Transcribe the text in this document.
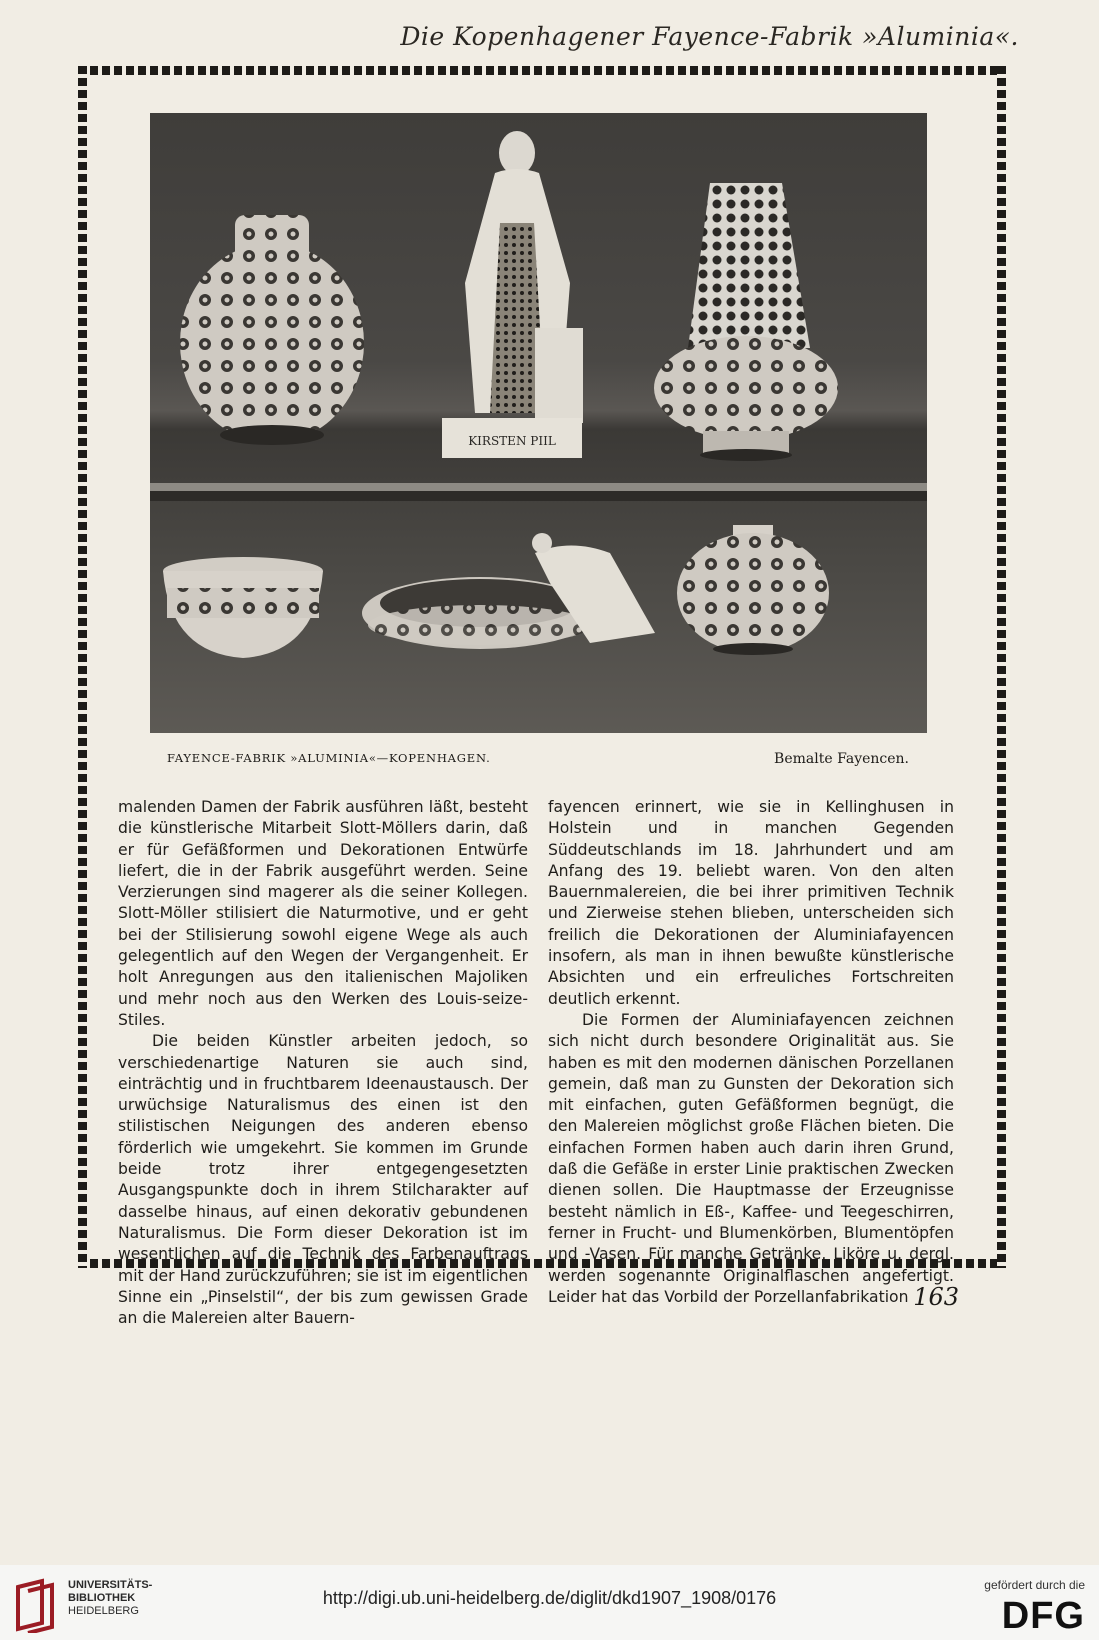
Die Kopenhagener Fayence-Fabrik »Aluminia«.
KIRSTEN PIIL
FAYENCE-FABRIK »ALUMINIA«—KOPENHAGEN.	Bemalte Fayencen.

malenden Damen der Fabrik ausführen läßt, besteht die künstlerische Mitarbeit Slott-Möllers darin, daß er für Gefäßformen und Dekorationen Entwürfe liefert, die in der Fabrik ausgeführt werden. Seine Verzierungen sind magerer als die seiner Kollegen. Slott-Möller stilisiert die Naturmotive, und er geht bei der Stilisierung sowohl eigene Wege als auch gelegentlich auf den Wegen der Vergangenheit. Er holt Anregungen aus den italienischen Majoliken und mehr noch aus den Werken des Louis-seize-Stiles.

Die beiden Künstler arbeiten jedoch, so verschiedenartige Naturen sie auch sind, einträchtig und in fruchtbarem Ideenaustausch. Der urwüchsige Naturalismus des einen ist den stilistischen Neigungen des anderen ebenso förderlich wie umgekehrt. Sie kommen im Grunde beide trotz ihrer entgegengesetzten Ausgangspunkte doch in ihrem Stilcharakter auf dasselbe hinaus, auf einen dekorativ gebundenen Naturalismus. Die Form dieser Dekoration ist im wesentlichen auf die Technik des Farbenauftrags mit der Hand zurückzuführen; sie ist im eigentlichen Sinne ein „Pinselstil“, der bis zum gewissen Grade an die Malereien alter Bauern-

fayencen erinnert, wie sie in Kellinghusen in Holstein und in manchen Gegenden Süddeutschlands im 18. Jahrhundert und am Anfang des 19. beliebt waren. Von den alten Bauernmalereien, die bei ihrer primitiven Technik und Zierweise stehen blieben, unterscheiden sich freilich die Dekorationen der Aluminiafayencen insofern, als man in ihnen bewußte künstlerische Absichten und ein erfreuliches Fortschreiten deutlich erkennt.

Die Formen der Aluminiafayencen zeichnen sich nicht durch besondere Originalität aus. Sie haben es mit den modernen dänischen Porzellanen gemein, daß man zu Gunsten der Dekoration sich mit einfachen, guten Gefäßformen begnügt, die den Malereien möglichst große Flächen bieten. Die einfachen Formen haben auch darin ihren Grund, daß die Gefäße in erster Linie praktischen Zwecken dienen sollen. Die Hauptmasse der Erzeugnisse besteht nämlich in Eß-, Kaffee- und Teegeschirren, ferner in Frucht- und Blumenkörben, Blumentöpfen und -Vasen. Für manche Getränke, Liköre u. dergl. werden sogenannte Originalflaschen angefertigt. Leider hat das Vorbild der Porzellanfabrikation 163
UNIVERSITÄTS-
BIBLIOTHEK
HEIDELBERG
http://digi.ub.uni-heidelberg.de/diglit/dkd1907_1908/0176
gefördert durch die
DFG
